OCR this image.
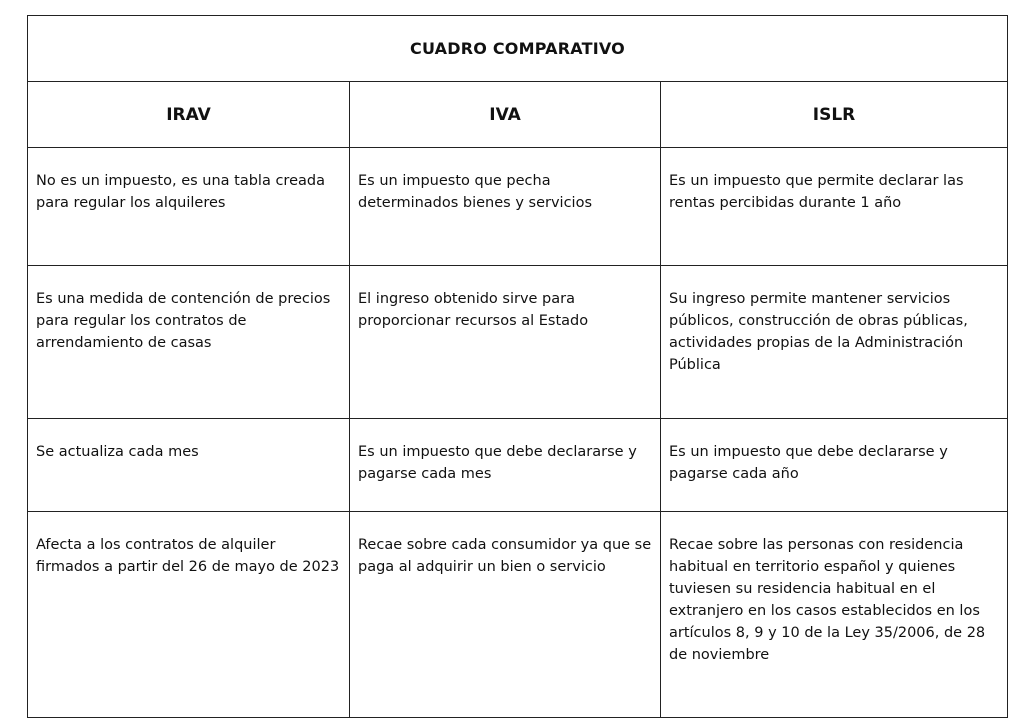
CUADRO COMPARATIVO		
IRAV	IVA	ISLR
No es un impuesto, es una tabla creada para regular los alquileres	Es un impuesto que pecha determinados bienes y servicios	Es un impuesto que permite declarar las rentas percibidas durante 1 año
Es una medida de contención de precios para regular los contratos de arrendamiento de casas	El ingreso obtenido sirve para proporcionar recursos al Estado	Su ingreso permite mantener servicios públicos, construcción de obras públicas, actividades propias de la Administración Pública
Se actualiza cada mes	Es un impuesto que debe declararse y pagarse cada mes	Es un impuesto que debe declararse y pagarse cada año
Afecta a los contratos de alquiler firmados a partir del 26 de mayo de 2023	Recae sobre cada consumidor ya que se paga al adquirir un bien o servicio	Recae sobre las personas con residencia habitual en territorio español y quienes tuviesen su residencia habitual en el extranjero en los casos establecidos en los artículos 8, 9 y 10 de la Ley 35/2006, de 28 de noviembre
